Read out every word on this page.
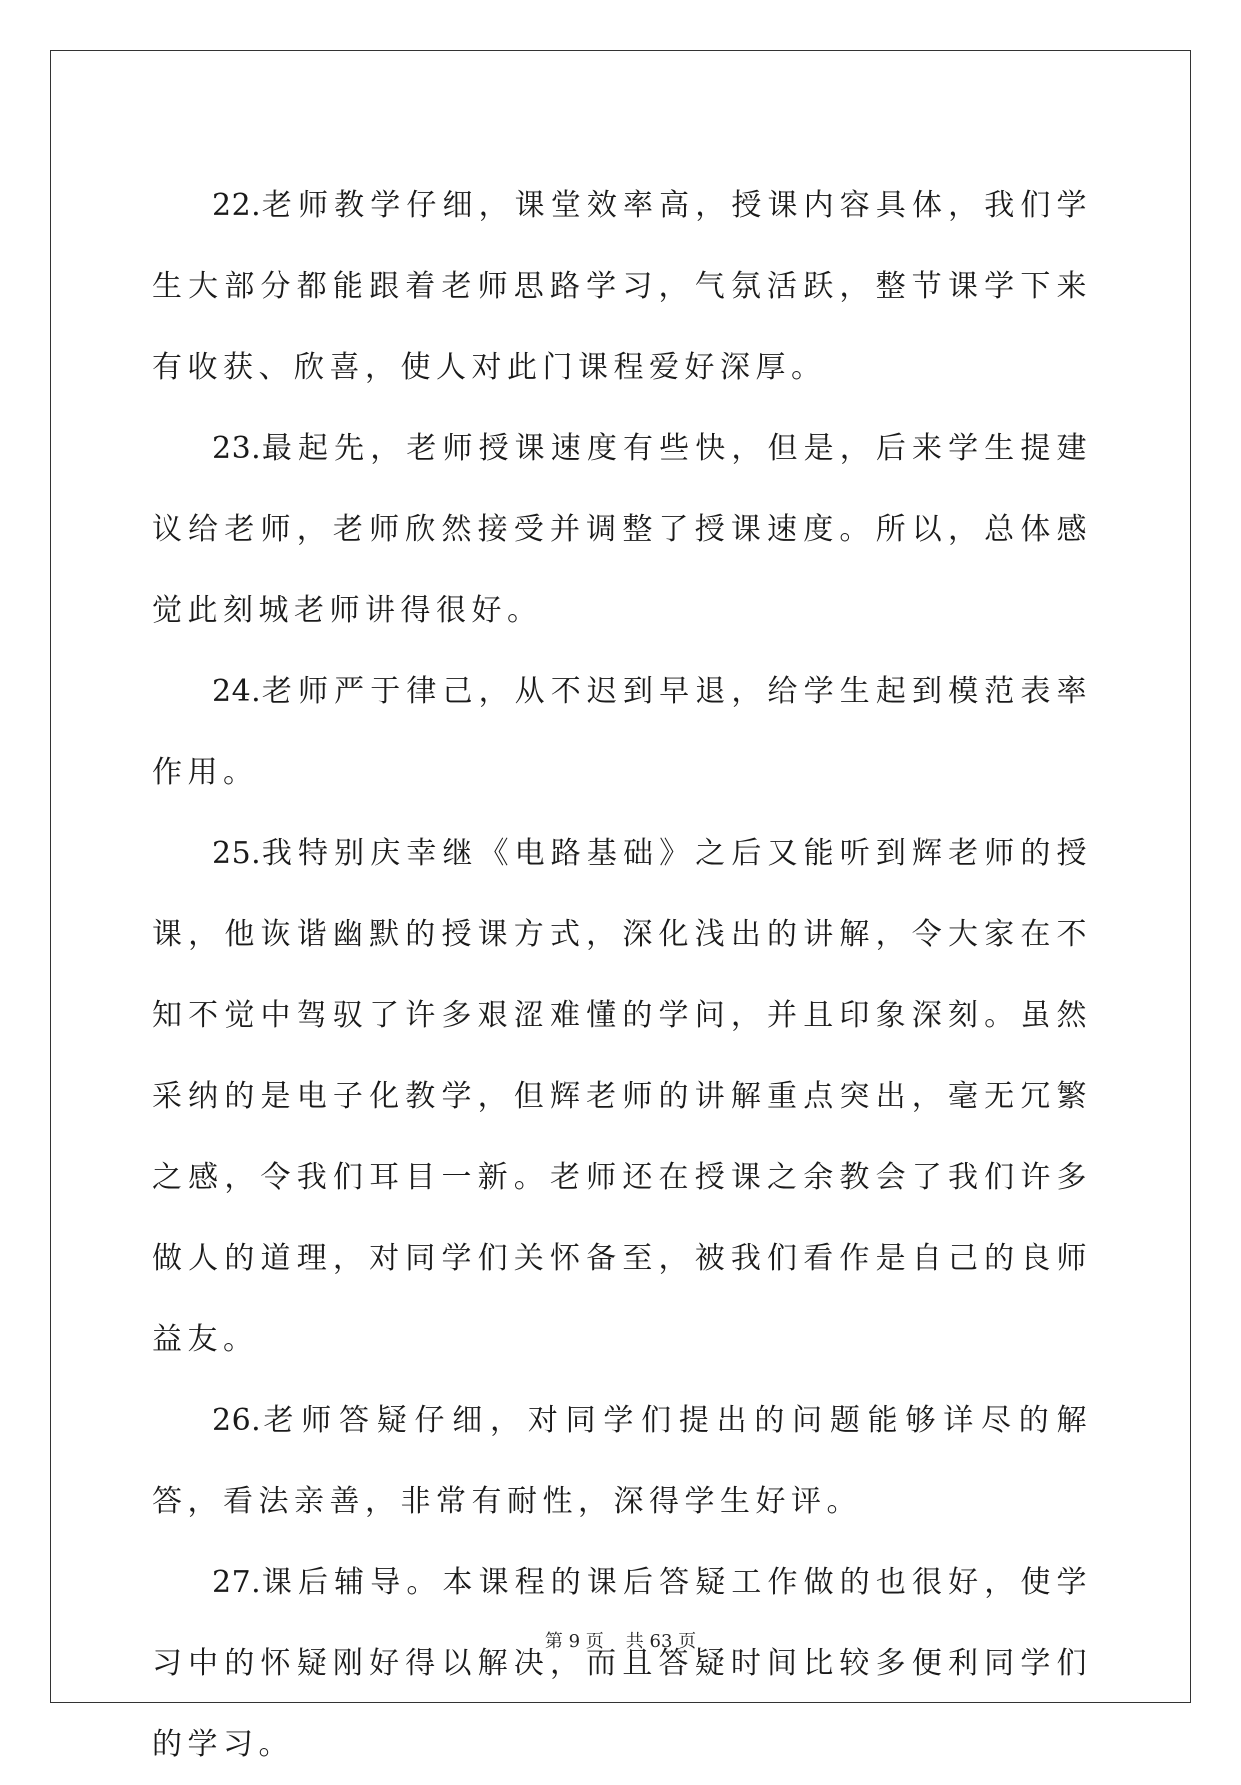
22.老师教学仔细，课堂效率高，授课内容具体，我们学生大部分都能跟着老师思路学习，气氛活跃，整节课学下来有收获、欣喜，使人对此门课程爱好深厚。

23.最起先，老师授课速度有些快，但是，后来学生提建议给老师，老师欣然接受并调整了授课速度。所以，总体感觉此刻城老师讲得很好。

24.老师严于律己，从不迟到早退，给学生起到模范表率作用。

25.我特别庆幸继《电路基础》之后又能听到辉老师的授课，他诙谐幽默的授课方式，深化浅出的讲解，令大家在不知不觉中驾驭了许多艰涩难懂的学问，并且印象深刻。虽然采纳的是电子化教学，但辉老师的讲解重点突出，毫无冗繁之感，令我们耳目一新。老师还在授课之余教会了我们许多做人的道理，对同学们关怀备至，被我们看作是自己的良师益友。

26.老师答疑仔细，对同学们提出的问题能够详尽的解答，看法亲善，非常有耐性，深得学生好评。

27.课后辅导。本课程的课后答疑工作做的也很好，使学习中的怀疑刚好得以解决，而且答疑时间比较多便利同学们的学习。

第 9 页 共 63 页
